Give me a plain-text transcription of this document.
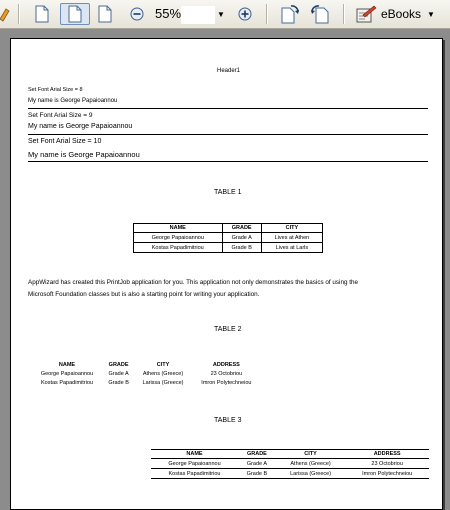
55%	▼	eBooks ▼
Header1
Set Font Arial Size = 8
My name is George Papaioannou
Set Font Arial Size = 9
My name is George Papaioannou
Set Font Arial Size = 10
My name is George Papaioannou
TABLE 1
NAME	GRADE	CITY
George Papaioannou	Grade A	Lives at Athen
Kostas Papadimitriou	Grade B	Lives at Larls
AppWizard has created this PrintJob application for you. This application not only demonstrates the basics of using the
Microsoft Foundation classes but is also a starting point for writing your application.
TABLE 2
NAME	GRADE	CITY	ADDRESS
George Papaioannou	Grade A	Athens (Greece)	23 Octobriou
Kostas Papadimitriou	Grade B	Larissa (Greece)	Imron Polytechneiou
TABLE 3
NAME	GRADE	CITY	ADDRESS
George Papaioannou	Grade A	Athens (Greece)	23 Octobriou
Kostas Papadimitriou	Grade B	Larissa (Greece)	Imron Polytechneiou
